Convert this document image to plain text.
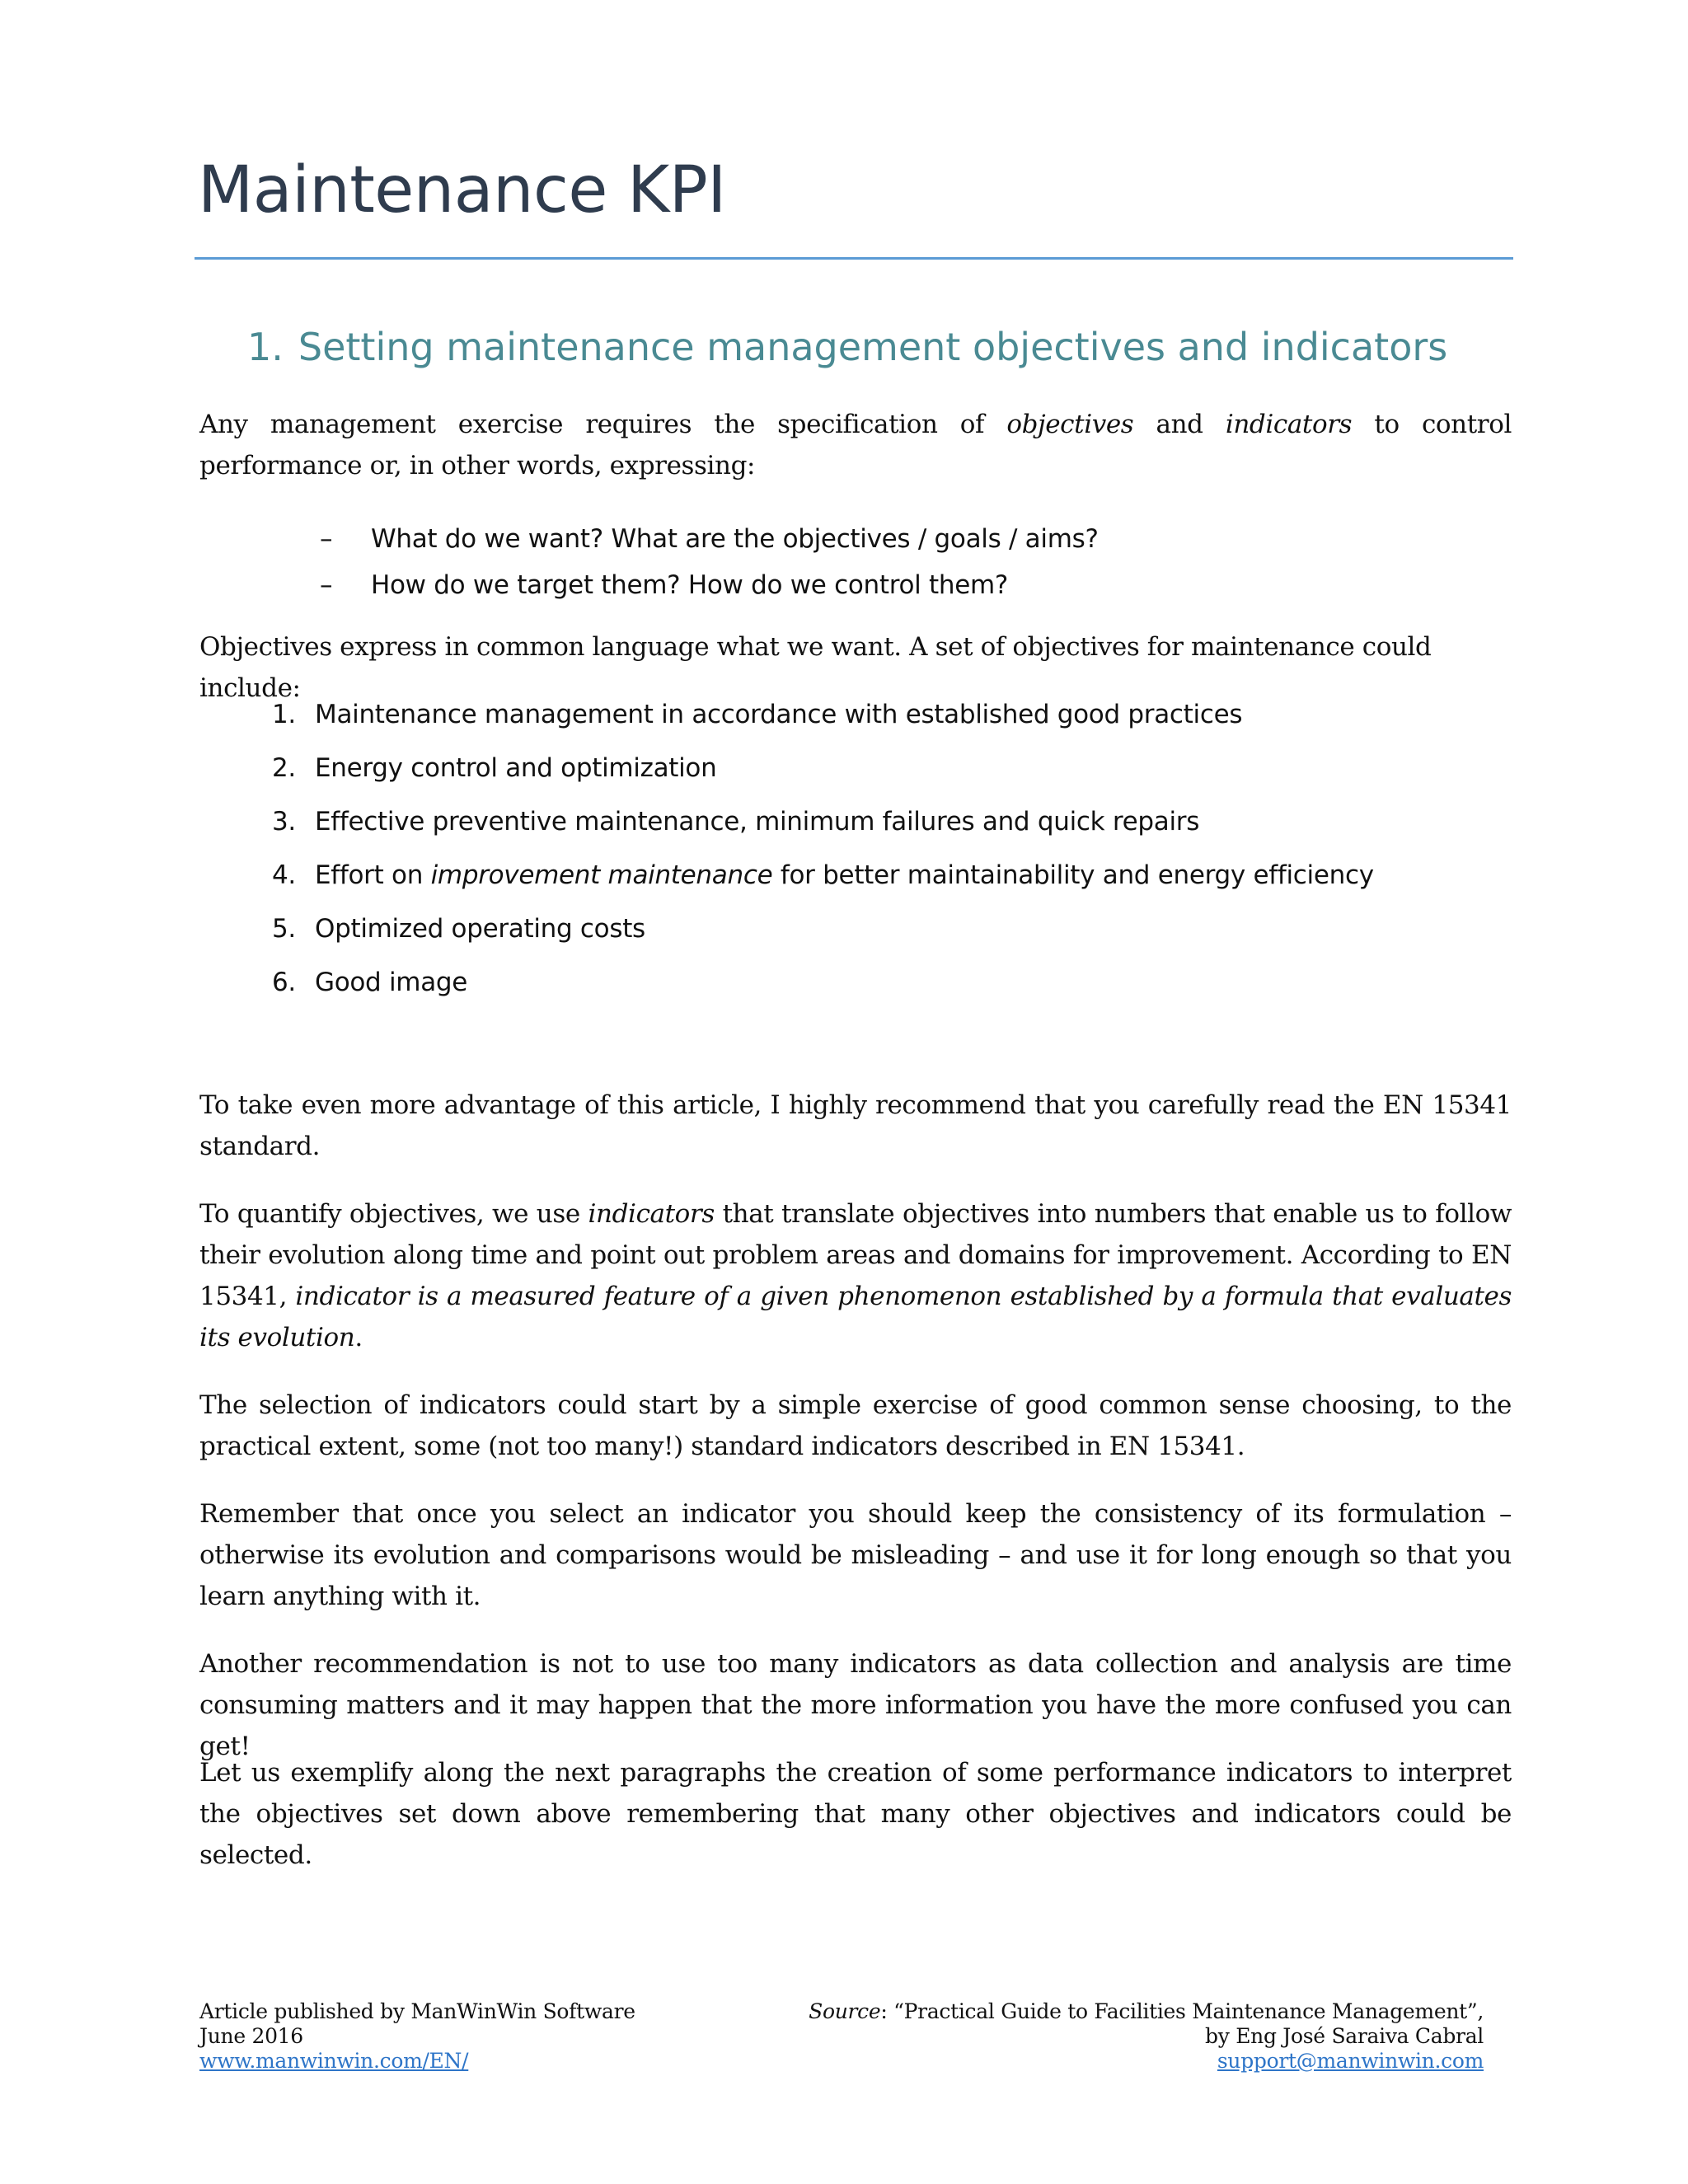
Maintenance KPI
1. Setting maintenance management objectives and indicators

Any management exercise requires the specification of objectives and indicators to control performance or, in other words, expressing:

– What do we want? What are the objectives / goals / aims?
– How do we target them? How do we control them?

Objectives express in common language what we want. A set of objectives for maintenance could include:

1. Maintenance management in accordance with established good practices
2. Energy control and optimization
3. Effective preventive maintenance, minimum failures and quick repairs
4. Effort on improvement maintenance for better maintainability and energy efficiency
5. Optimized operating costs
6. Good image

To take even more advantage of this article, I highly recommend that you carefully read the EN 15341 standard.

To quantify objectives, we use indicators that translate objectives into numbers that enable us to follow their evolution along time and point out problem areas and domains for improvement. According to EN 15341, indicator is a measured feature of a given phenomenon established by a formula that evaluates its evolution.

The selection of indicators could start by a simple exercise of good common sense choosing, to the practical extent, some (not too many!) standard indicators described in EN 15341.

Remember that once you select an indicator you should keep the consistency of its formulation – otherwise its evolution and comparisons would be misleading – and use it for long enough so that you learn anything with it.

Another recommendation is not to use too many indicators as data collection and analysis are time consuming matters and it may happen that the more information you have the more confused you can get!

Let us exemplify along the next paragraphs the creation of some performance indicators to interpret the objectives set down above remembering that many other objectives and indicators could be selected.

Article published by ManWinWin Software
June 2016
www.manwinwin.com/EN/
Source: “Practical Guide to Facilities Maintenance Management”,
by Eng José Saraiva Cabral
support@manwinwin.com
